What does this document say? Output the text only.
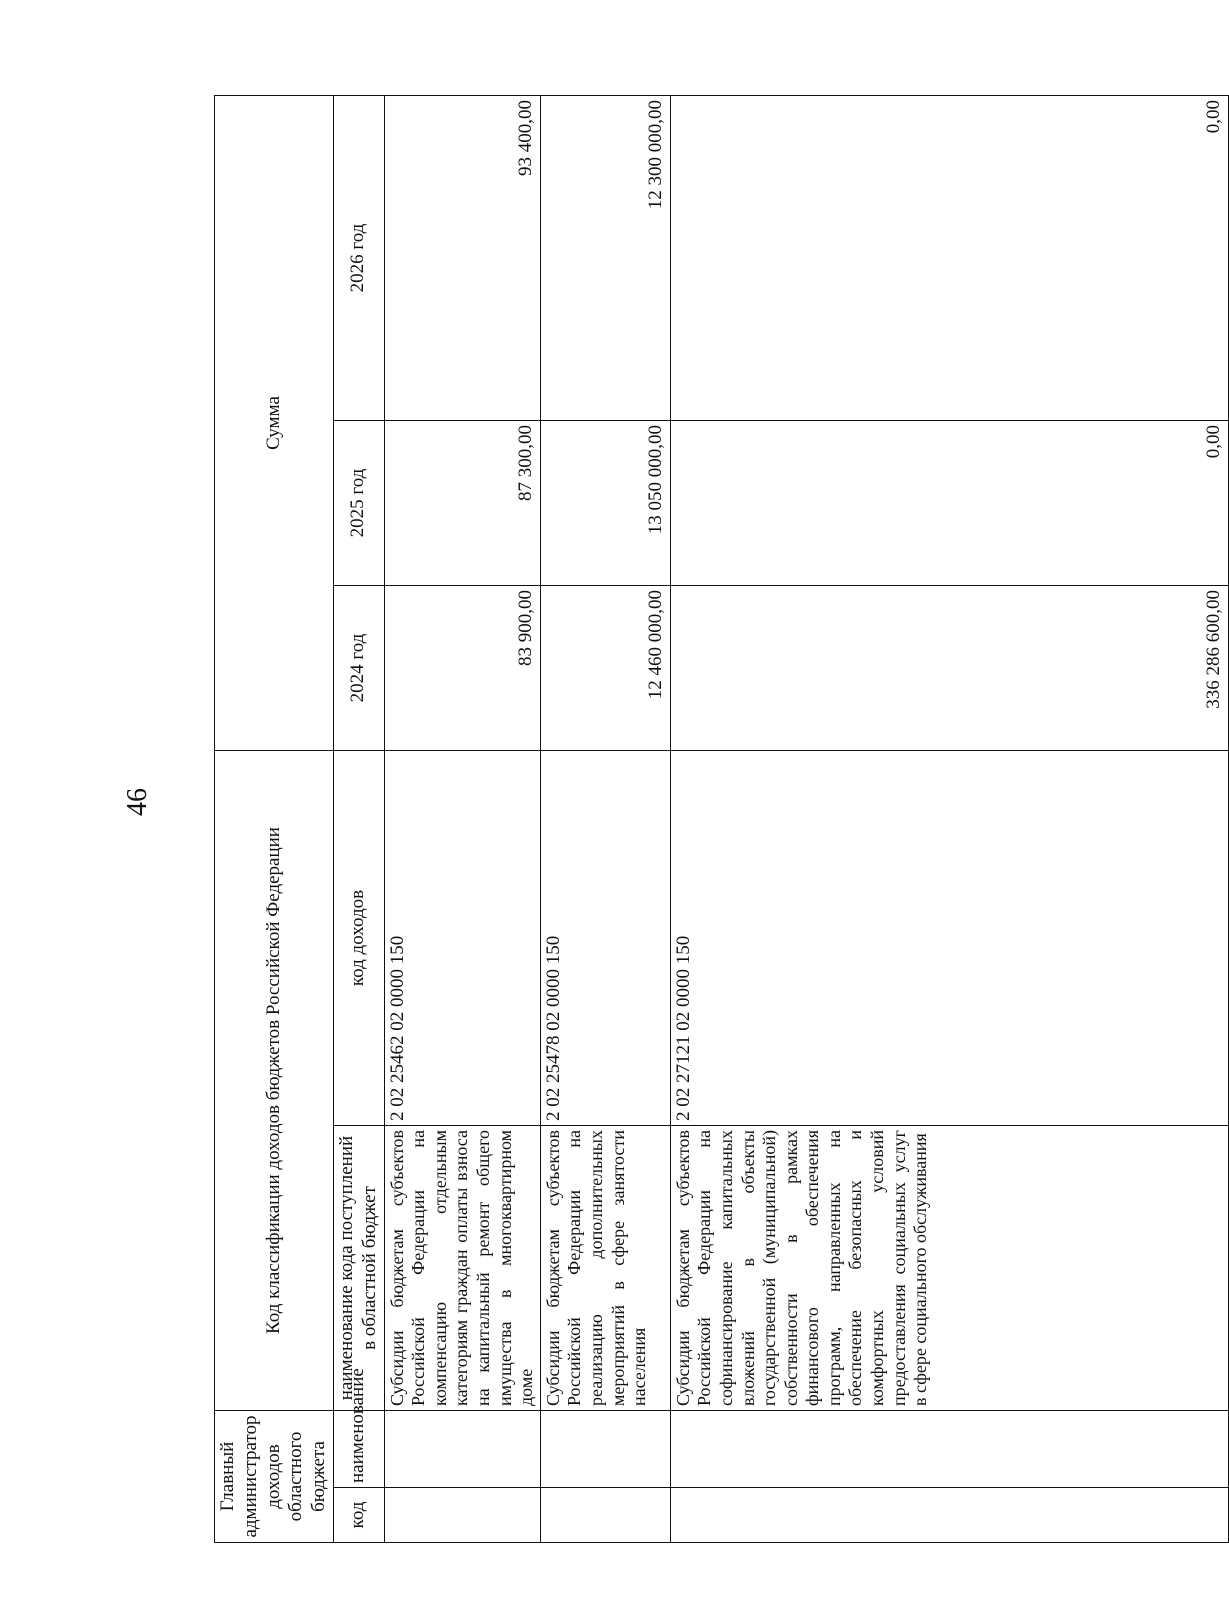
46
Главный администратор доходов областного бюджета		Код классификации доходов бюджетов Российской Федерации		Сумма		
код	наименование	наименование кода поступлений в областной бюджет	код доходов	2024 год	2025 год	2026 год
		Субсидии бюджетам субъектов Российской Федерации на компенсацию отдельным категориям граждан оплаты взноса на капитальный ремонт общего имущества в многоквартирном доме	2 02 25462 02 0000 150	83 900,00	87 300,00	93 400,00
		Субсидии бюджетам субъектов Российской Федерации на реализацию дополнительных мероприятий в сфере занятости населения	2 02 25478 02 0000 150	12 460 000,00	13 050 000,00	12 300 000,00
		Субсидии бюджетам субъектов Российской Федерации на софинансирование капитальных вложений в объекты государственной (муниципальной) собственности в рамках финансового обеспечения программ, направленных на обеспечение безопасных и комфортных условий предоставления социальных услуг в сфере социального обслуживания	2 02 27121 02 0000 150	336 286 600,00	0,00	0,00
